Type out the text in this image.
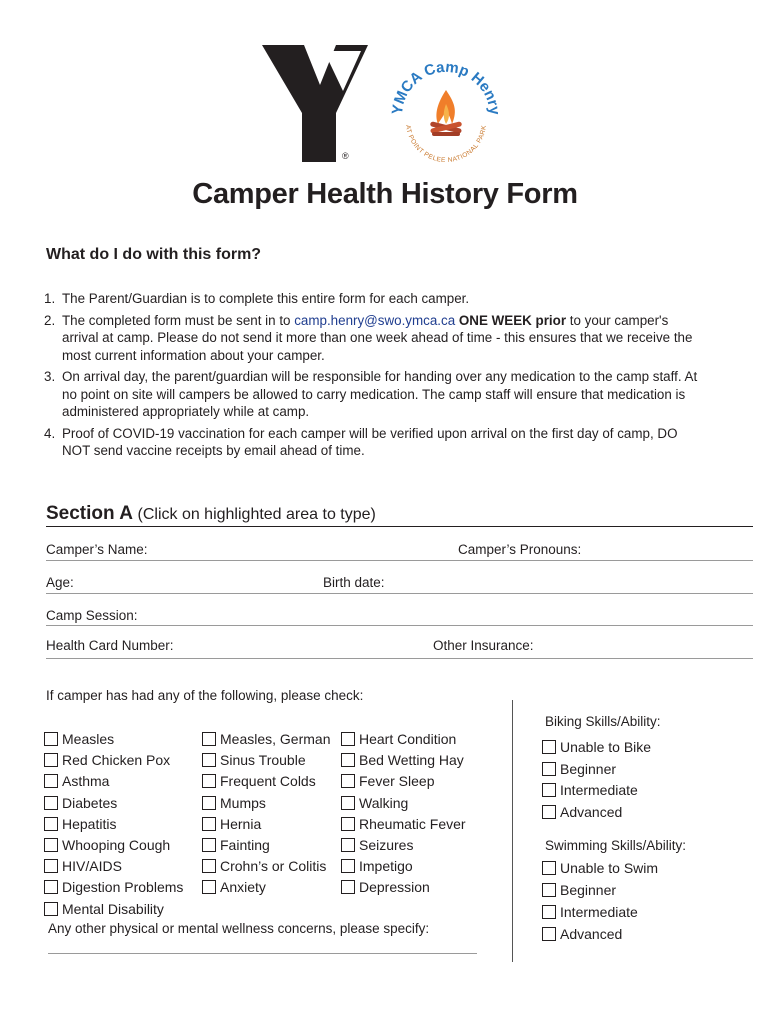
®
YMCA Camp Henry
AT POINT PELEE NATIONAL PARK
Camper Health History Form
What do I do with this form?
1. The Parent/Guardian is to complete this entire form for each camper.
2. The completed form must be sent in to camp.henry@swo.ymca.ca ONE WEEK prior to your camper's arrival at camp. Please do not send it more than one week ahead of time - this ensures that we receive the most current information about your camper.
3. On arrival day, the parent/guardian will be responsible for handing over any medication to the camp staff. At no point on site will campers be allowed to carry medication. The camp staff will ensure that medication is administered appropriately while at camp.
4. Proof of COVID-19 vaccination for each camper will be verified upon arrival on the first day of camp, DO NOT send vaccine receipts by email ahead of time.
Section A (Click on highlighted area to type)
Camper’s Name:	Camper’s Pronouns:
Age:	Birth date:
Camp Session:
Health Card Number:	Other Insurance:
If camper has had any of the following, please check:
Measles
Red Chicken Pox
Asthma
Diabetes
Hepatitis
Whooping Cough
HIV/AIDS
Digestion Problems
Mental Disability
Measles, German
Sinus Trouble
Frequent Colds
Mumps
Hernia
Fainting
Crohn’s or Colitis
Anxiety
Heart Condition
Bed Wetting Hay
Fever Sleep
Walking
Rheumatic Fever
Seizures
Impetigo
Depression
Unable to Bike
Beginner
Intermediate
Advanced
Unable to Swim
Beginner
Intermediate
Advanced
Any other physical or mental wellness concerns, please specify:
Biking Skills/Ability:
Swimming Skills/Ability:
